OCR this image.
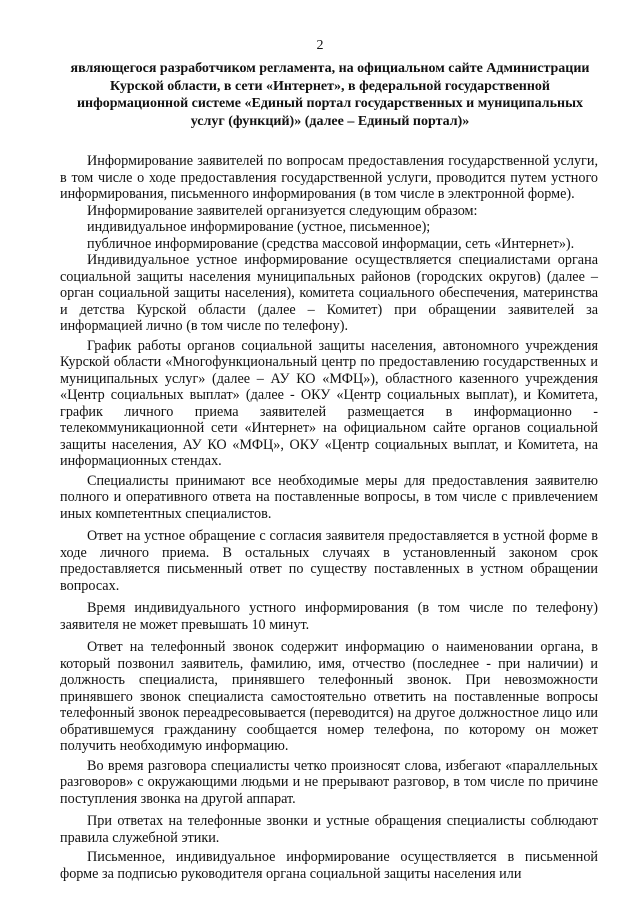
2
являющегося разработчиком регламента, на официальном сайте Администрации Курской области, в сети «Интернет», в федеральной государственной информационной системе «Единый портал государственных и муниципальных услуг (функций)» (далее – Единый портал)»

Информирование заявителей по вопросам предоставления государственной услуги, в том числе о ходе предоставления государственной услуги, проводится путем устного информирования, письменного информирования (в том числе в электронной форме).

Информирование заявителей организуется следующим образом:

индивидуальное информирование (устное, письменное);

публичное информирование (средства массовой информации, сеть «Интернет»).

Индивидуальное устное информирование осуществляется специалистами органа социальной защиты населения муниципальных районов (городских округов) (далее – орган социальной защиты населения), комитета социального обеспечения, материнства и детства Курской области (далее – Комитет) при обращении заявителей за информацией лично (в том числе по телефону).

График работы органов социальной защиты населения, автономного учреждения Курской области «Многофункциональный центр по предоставлению государственных и муниципальных услуг» (далее – АУ КО «МФЦ»), областного казенного учреждения «Центр социальных выплат» (далее - ОКУ «Центр социальных выплат), и Комитета, график личного приема заявителей размещается в информационно - телекоммуникационной сети «Интернет» на официальном сайте органов социальной защиты населения, АУ КО «МФЦ», ОКУ «Центр социальных выплат, и Комитета, на информационных стендах.

Специалисты принимают все необходимые меры для предоставления заявителю полного и оперативного ответа на поставленные вопросы, в том числе с привлечением иных компетентных специалистов.

Ответ на устное обращение с согласия заявителя предоставляется в устной форме в ходе личного приема. В остальных случаях в установленный законом срок предоставляется письменный ответ по существу поставленных в устном обращении вопросах.

Время индивидуального устного информирования (в том числе по телефону) заявителя не может превышать 10 минут.

Ответ на телефонный звонок содержит информацию о наименовании органа, в который позвонил заявитель, фамилию, имя, отчество (последнее - при наличии) и должность специалиста, принявшего телефонный звонок. При невозможности принявшего звонок специалиста самостоятельно ответить на поставленные вопросы телефонный звонок переадресовывается (переводится) на другое должностное лицо или обратившемуся гражданину сообщается номер телефона, по которому он может получить необходимую информацию.

Во время разговора специалисты четко произносят слова, избегают «параллельных разговоров» с окружающими людьми и не прерывают разговор, в том числе по причине поступления звонка на другой аппарат.

При ответах на телефонные звонки и устные обращения специалисты соблюдают правила служебной этики.

Письменное, индивидуальное информирование осуществляется в письменной форме за подписью руководителя органа социальной защиты населения или
